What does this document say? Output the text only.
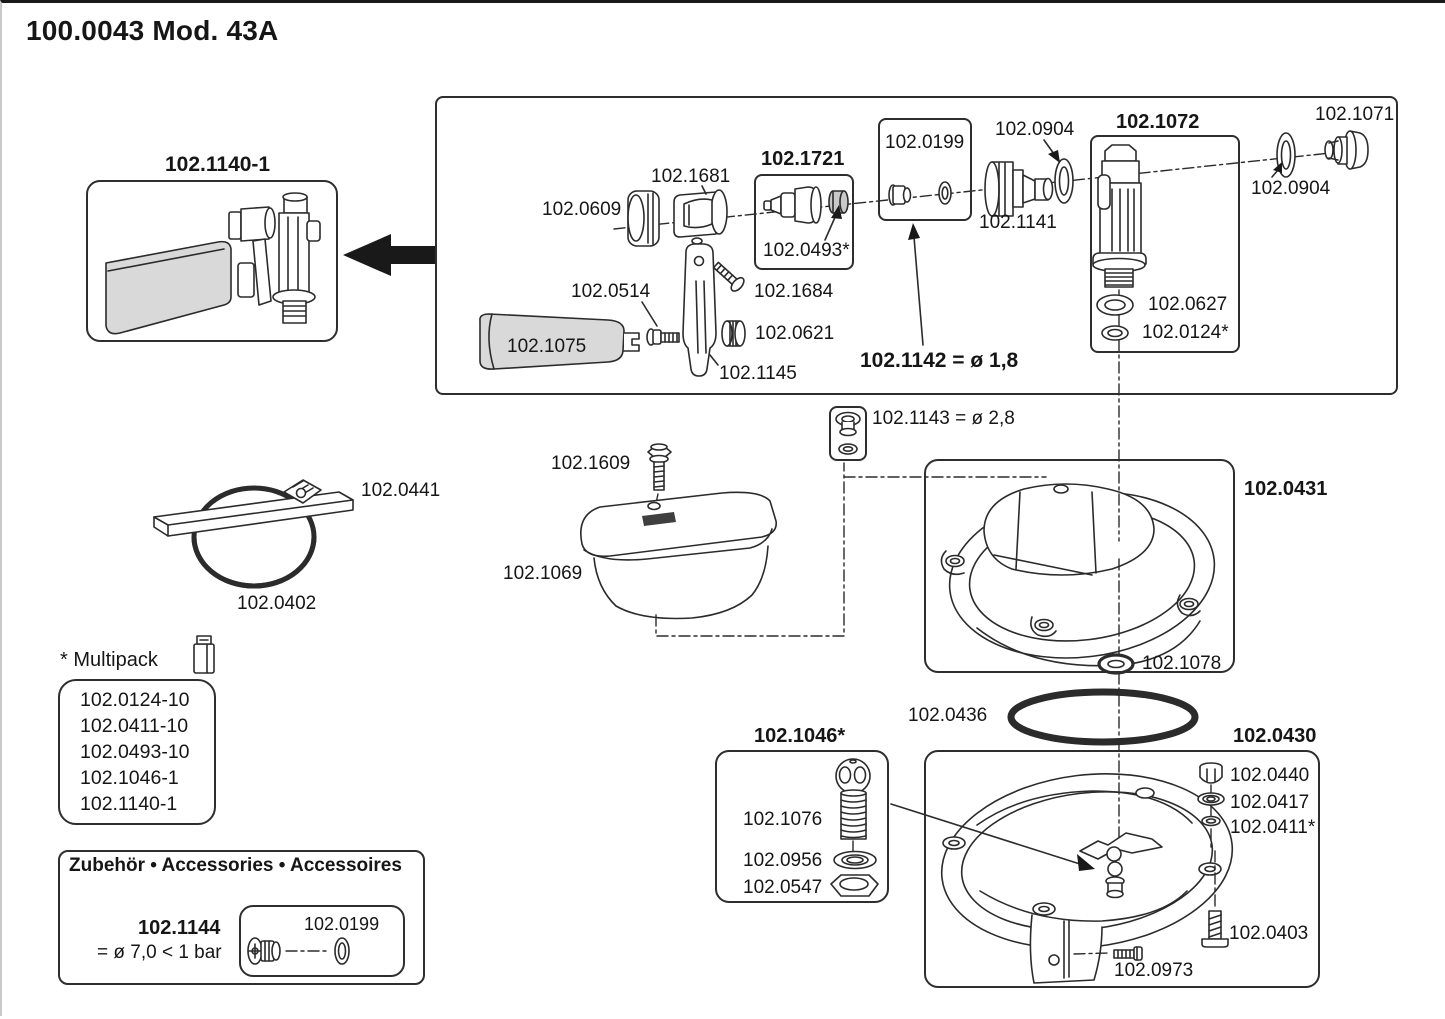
100.0043 Mod. 43A
102.1140-1
102.0609
102.1681
102.1721
102.0493*
102.0199
102.0904
102.1141
102.1072
102.0904
102.1071
102.0627
102.0124*
102.1142 = ø 1,8
102.0514
102.1075
102.1684
102.0621
102.1145
102.1143 = ø 2,8
102.1609
102.1069
102.0431
102.1078
102.0436
102.0441
102.0402
102.1046*
102.1076
102.0956
102.0547
102.0430
102.0440
102.0417
102.0411*
102.0403
102.0973
* Multipack
102.0124-10
102.0411-10
102.0493-10
102.1046-1
102.1140-1
Zubehör • Accessories • Accessoires
102.1144
= ø 7,0 < 1 bar
102.0199
